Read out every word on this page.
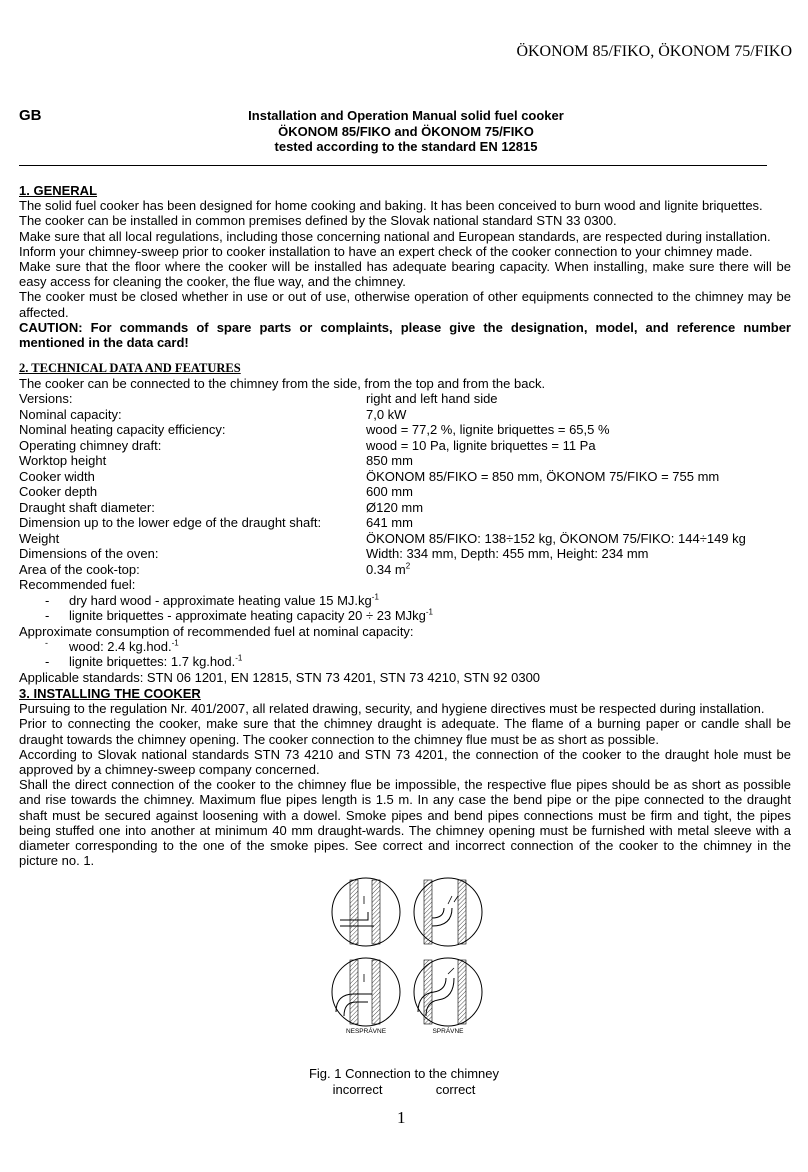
ÖKONOM 85/FIKO, ÖKONOM 75/FIKO
GB	Installation and Operation Manual solid fuel cooker
ÖKONOM 85/FIKO and ÖKONOM 75/FIKO
tested according to the standard EN 12815

1. GENERAL

The solid fuel cooker has been designed for home cooking and baking. It has been conceived to burn wood and lignite briquettes.

The cooker can be installed in common premises defined by the Slovak national standard STN 33 0300.

Make sure that all local regulations, including those concerning national and European standards, are respected during installation.

Inform your chimney-sweep prior to cooker installation to have an expert check of the cooker connection to your chimney made.

Make sure that the floor where the cooker will be installed has adequate bearing capacity. When installing, make sure there will be easy access for cleaning the cooker, the flue way, and the chimney.

The cooker must be closed whether in use or out of use, otherwise operation of other equipments connected to the chimney may be affected.

CAUTION: For commands of spare parts or complaints, please give the designation, model, and reference number mentioned in the data card!

2. TECHNICAL DATA AND FEATURES

The cooker can be connected to the chimney from the side, from the top and from the back.

Versions:	right and left hand side
Nominal capacity:	7,0 kW
Nominal heating capacity efficiency:	wood = 77,2 %, lignite briquettes = 65,5 %
Operating chimney draft:	wood = 10 Pa, lignite briquettes = 11 Pa
Worktop height	850 mm
Cooker width	ÖKONOM 85/FIKO = 850 mm, ÖKONOM 75/FIKO = 755 mm
Cooker depth	600 mm
Draught shaft diameter:	Ø120 mm
Dimension up to the lower edge of the draught shaft:	641 mm
Weight	ÖKONOM 85/FIKO: 138÷152 kg, ÖKONOM 75/FIKO: 144÷149 kg
Dimensions of the oven:	Width: 334 mm, Depth: 455 mm, Height: 234 mm
Area of the cook-top:	0.34 $m^2$

Recommended fuel:

- dry hard wood - approximate heating value 15 $MJ.kg^{-1}$
- lignite briquettes - approximate heating capacity 20 ÷ 23 MJkg$^{-1}$

Approximate consumption of recommended fuel at nominal capacity:

- wood: 2.4 kg.hod.$^{-1}$
- lignite briquettes: 1.7 kg.hod.$^{-1}$

Applicable standards: STN 06 1201, EN 12815, STN 73 4201, STN 73 4210, STN 92 0300

3. INSTALLING THE COOKER

Pursuing to the regulation Nr. 401/2007, all related drawing, security, and hygiene directives must be respected during installation.

Prior to connecting the cooker, make sure that the chimney draught is adequate. The flame of a burning paper or candle shall be draught towards the chimney opening. The cooker connection to the chimney flue must be as short as possible.

According to Slovak national standards STN 73 4210 and STN 73 4201, the connection of the cooker to the draught hole must be approved by a chimney-sweep company concerned.

Shall the direct connection of the cooker to the chimney flue be impossible, the respective flue pipes should be as short as possible and rise towards the chimney. Maximum flue pipes length is 1.5 m. In any case the bend pipe or the pipe connected to the draught shaft must be secured against loosening with a dowel. Smoke pipes and bend pipes connections must be firm and tight, the pipes being stuffed one into another at minimum 40 mm draught-wards. The chimney opening must be furnished with metal sleeve with a diameter corresponding to the one of the smoke pipes. See correct and incorrect connection of the cooker to the chimney in the picture no. 1.

NESPRÁVNE	SPRÁVNE
Fig. 1 Connection to the chimney
incorrect	correct
1
